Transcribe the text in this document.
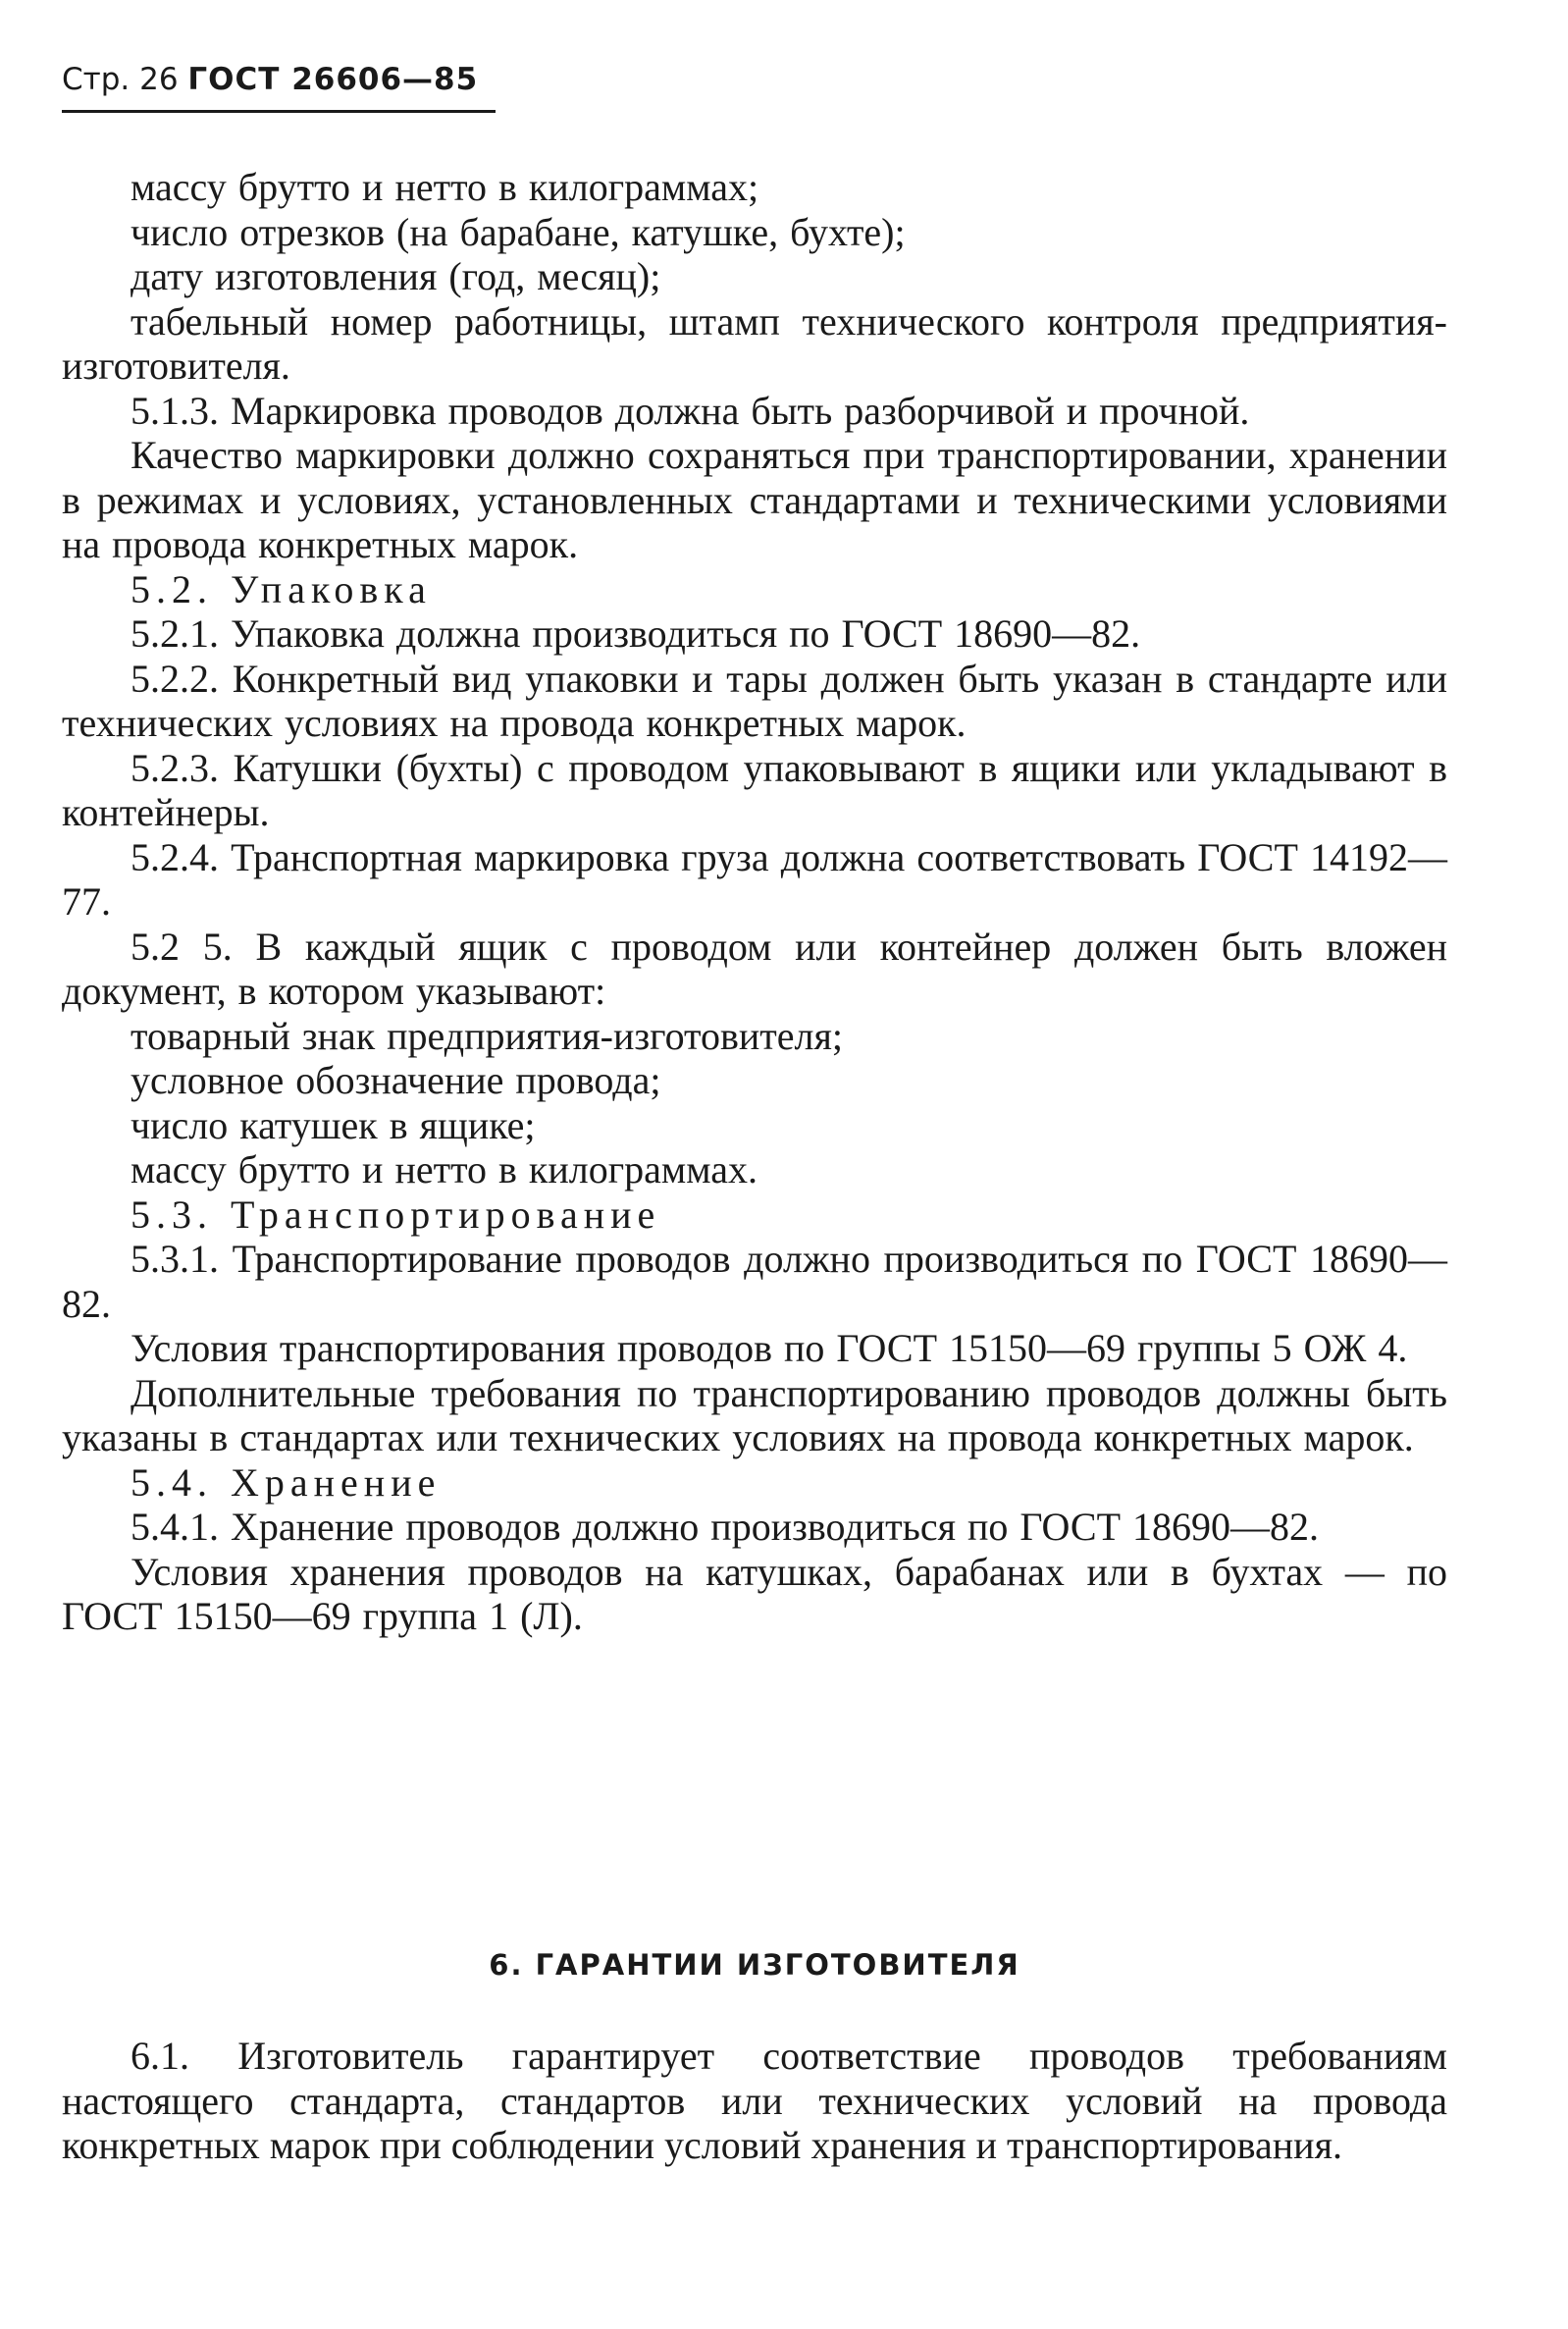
Стр. 26 ГОСТ 26606—85

массу брутто и нетто в килограммах;

число отрезков (на барабане, катушке, бухте);

дату изготовления (год, месяц);

табельный номер работницы, штамп технического контроля предприятия-изготовителя.

5.1.3. Маркировка проводов должна быть разборчивой и прочной.

Качество маркировки должно сохраняться при транспортировании, хранении в режимах и условиях, установленных стандартами и техническими условиями на провода конкретных марок.

5.2. Упаковка

5.2.1. Упаковка должна производиться по ГОСТ 18690—82.

5.2.2. Конкретный вид упаковки и тары должен быть указан в стандарте или технических условиях на провода конкретных марок.

5.2.3. Катушки (бухты) с проводом упаковывают в ящики или укладывают в контейнеры.

5.2.4. Транспортная маркировка груза должна соответствовать ГОСТ 14192—77.

5.2 5. В каждый ящик с проводом или контейнер должен быть вложен документ, в котором указывают:

товарный знак предприятия-изготовителя;

условное обозначение провода;

число катушек в ящике;

массу брутто и нетто в килограммах.

5.3. Транспортирование

5.3.1. Транспортирование проводов должно производиться по ГОСТ 18690—82.

Условия транспортирования проводов по ГОСТ 15150—69 группы 5 ОЖ 4.

Дополнительные требования по транспортированию проводов должны быть указаны в стандартах или технических условиях на провода конкретных марок.

5.4. Хранение

5.4.1. Хранение проводов должно производиться по ГОСТ 18690—82.

Условия хранения проводов на катушках, барабанах или в бухтах — по ГОСТ 15150—69 группа 1 (Л).

6. ГАРАНТИИ ИЗГОТОВИТЕЛЯ

6.1. Изготовитель гарантирует соответствие проводов требованиям настоящего стандарта, стандартов или технических условий на провода конкретных марок при соблюдении условий хранения и транспортирования.
